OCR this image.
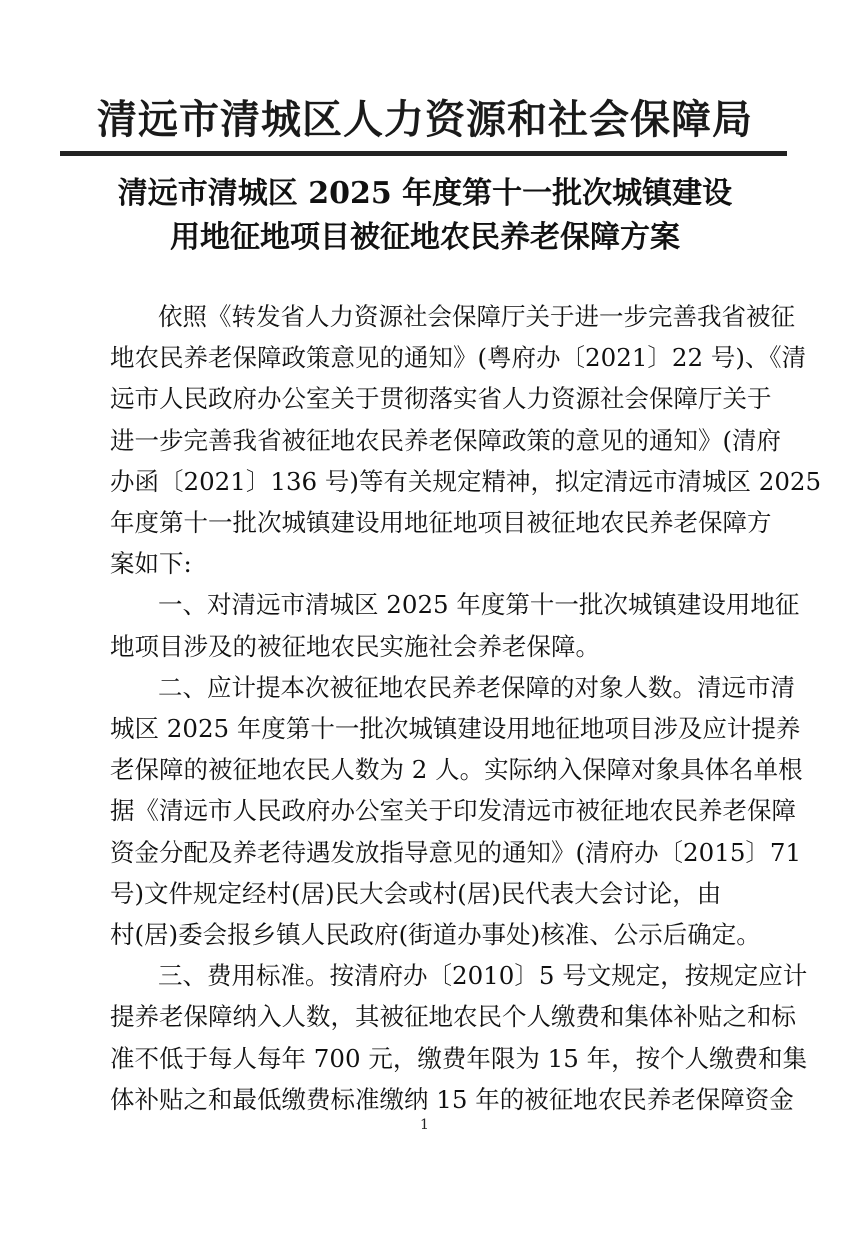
清远市清城区人力资源和社会保障局
清远市清城区 2025 年度第十一批次城镇建设
用地征地项目被征地农民养老保障方案
依照《转发省人力资源社会保障厅关于进一步完善我省被征
地农民养老保障政策意见的通知》(粤府办〔2021〕22 号)、《清
远市人民政府办公室关于贯彻落实省人力资源社会保障厅关于
进一步完善我省被征地农民养老保障政策的意见的通知》(清府
办函〔2021〕136 号)等有关规定精神，拟定清远市清城区 2025
年度第十一批次城镇建设用地征地项目被征地农民养老保障方
案如下:
一、对清远市清城区 2025 年度第十一批次城镇建设用地征
地项目涉及的被征地农民实施社会养老保障。
二、应计提本次被征地农民养老保障的对象人数。清远市清
城区 2025 年度第十一批次城镇建设用地征地项目涉及应计提养
老保障的被征地农民人数为 2 人。实际纳入保障对象具体名单根
据《清远市人民政府办公室关于印发清远市被征地农民养老保障
资金分配及养老待遇发放指导意见的通知》(清府办〔2015〕71
号)文件规定经村(居)民大会或村(居)民代表大会讨论，由
村(居)委会报乡镇人民政府(街道办事处)核准、公示后确定。
三、费用标准。按清府办〔2010〕5 号文规定，按规定应计
提养老保障纳入人数，其被征地农民个人缴费和集体补贴之和标
准不低于每人每年 700 元，缴费年限为 15 年，按个人缴费和集
体补贴之和最低缴费标准缴纳 15 年的被征地农民养老保障资金
1
